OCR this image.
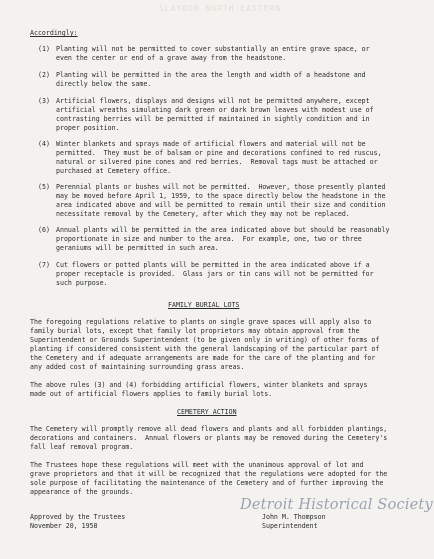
SLAYDON NORTH EASTERN
Accordingly:
(1) Planting will not be permitted to cover substantially an entire grave space, or
even the center or end of a grave away from the headstone.
(2) Planting will be permitted in the area the length and width of a headstone and
directly below the same.
(3) Artificial flowers, displays and designs will not be permitted anywhere, except
artificial wreaths simulating dark green or dark brown leaves with modest use of
contrasting berries will be permitted if maintained in sightly condition and in
proper position.
(4) Winter blankets and sprays made of artificial flowers and material will not be
permitted.  They must be of balsam or pine and decorations confined to red ruscus,
natural or silvered pine cones and red berries.  Removal tags must be attached or
purchased at Cemetery office.
(5) Perennial plants or bushes will not be permitted.  However, those presently planted
may be moved before April 1, 1959, to the space directly below the headstone in the
area indicated above and will be permitted to remain until their size and condition
necessitate removal by the Cemetery, after which they may not be replaced.
(6) Annual plants will be permitted in the area indicated above but should be reasonably
proportionate in size and number to the area.  For example, one, two or three
geraniums will be permitted in such area.
(7) Cut flowers or potted plants will be permitted in the area indicated above if a
proper receptacle is provided.  Glass jars or tin cans will not be permitted for
such purpose.
FAMILY BURIAL LOTS
The foregoing regulations relative to plants on single grave spaces will apply also to
family burial lots, except that family lot proprietors may obtain approval from the
Superintendent or Grounds Superintendent (to be given only in writing) of other forms of
planting if considered consistent with the general landscaping of the particular part of
the Cemetery and if adequate arrangements are made for the care of the planting and for
any added cost of maintaining surrounding grass areas.
The above rules (3) and (4) forbidding artificial flowers, winter blankets and sprays
made out of artificial flowers applies to family burial lots.
CEMETERY ACTION
The Cemetery will promptly remove all dead flowers and plants and all forbidden plantings,
decorations and containers.  Annual flowers or plants may be removed during the Cemetery's
fall leaf removal program.
The Trustees hope these regulations will meet with the unanimous approval of lot and
grave proprietors and that it will be recognized that the regulations were adopted for the
sole purpose of facilitating the maintenance of the Cemetery and of further improving the
appearance of the grounds.
Detroit Historical Society
Approved by the Trustees
November 20, 1958
John M. Thompson
Superintendent
